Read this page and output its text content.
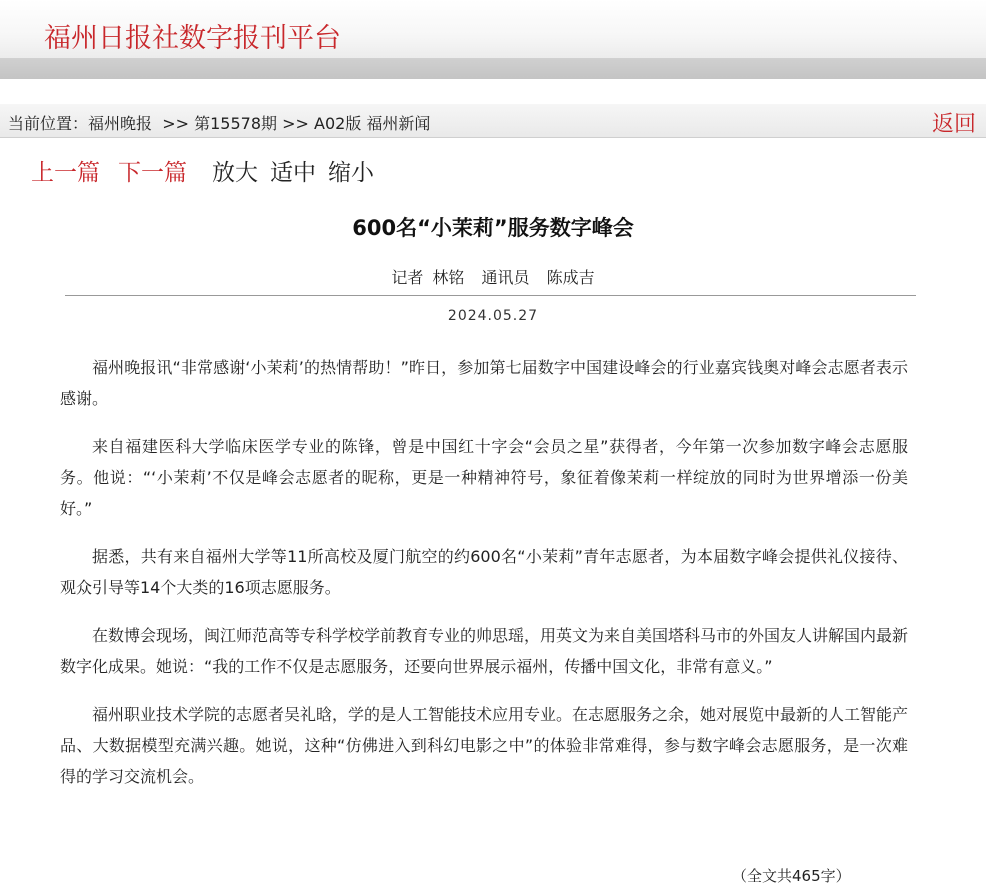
福州日报社数字报刊平台
当前位置：福州晚报 >> 第15578期 >> A02版 福州新闻	返回
上一篇 下一篇 放大 适中 缩小
600名“小茉莉”服务数字峰会
记者 林铭 通讯员 陈成吉
2024.05.27

福州晚报讯“非常感谢‘小茉莉’的热情帮助！”昨日，参加第七届数字中国建设峰会的行业嘉宾钱奥对峰会志愿者表示感谢。

来自福建医科大学临床医学专业的陈锋，曾是中国红十字会“会员之星”获得者，今年第一次参加数字峰会志愿服务。他说：“‘小茉莉’不仅是峰会志愿者的昵称，更是一种精神符号，象征着像茉莉一样绽放的同时为世界增添一份美好。”

据悉，共有来自福州大学等11所高校及厦门航空的约600名“小茉莉”青年志愿者，为本届数字峰会提供礼仪接待、观众引导等14个大类的16项志愿服务。

在数博会现场，闽江师范高等专科学校学前教育专业的帅思瑶，用英文为来自美国塔科马市的外国友人讲解国内最新数字化成果。她说：“我的工作不仅是志愿服务，还要向世界展示福州，传播中国文化，非常有意义。”

福州职业技术学院的志愿者吴礼晗，学的是人工智能技术应用专业。在志愿服务之余，她对展览中最新的人工智能产品、大数据模型充满兴趣。她说，这种“仿佛进入到科幻电影之中”的体验非常难得，参与数字峰会志愿服务，是一次难得的学习交流机会。

（全文共465字）
